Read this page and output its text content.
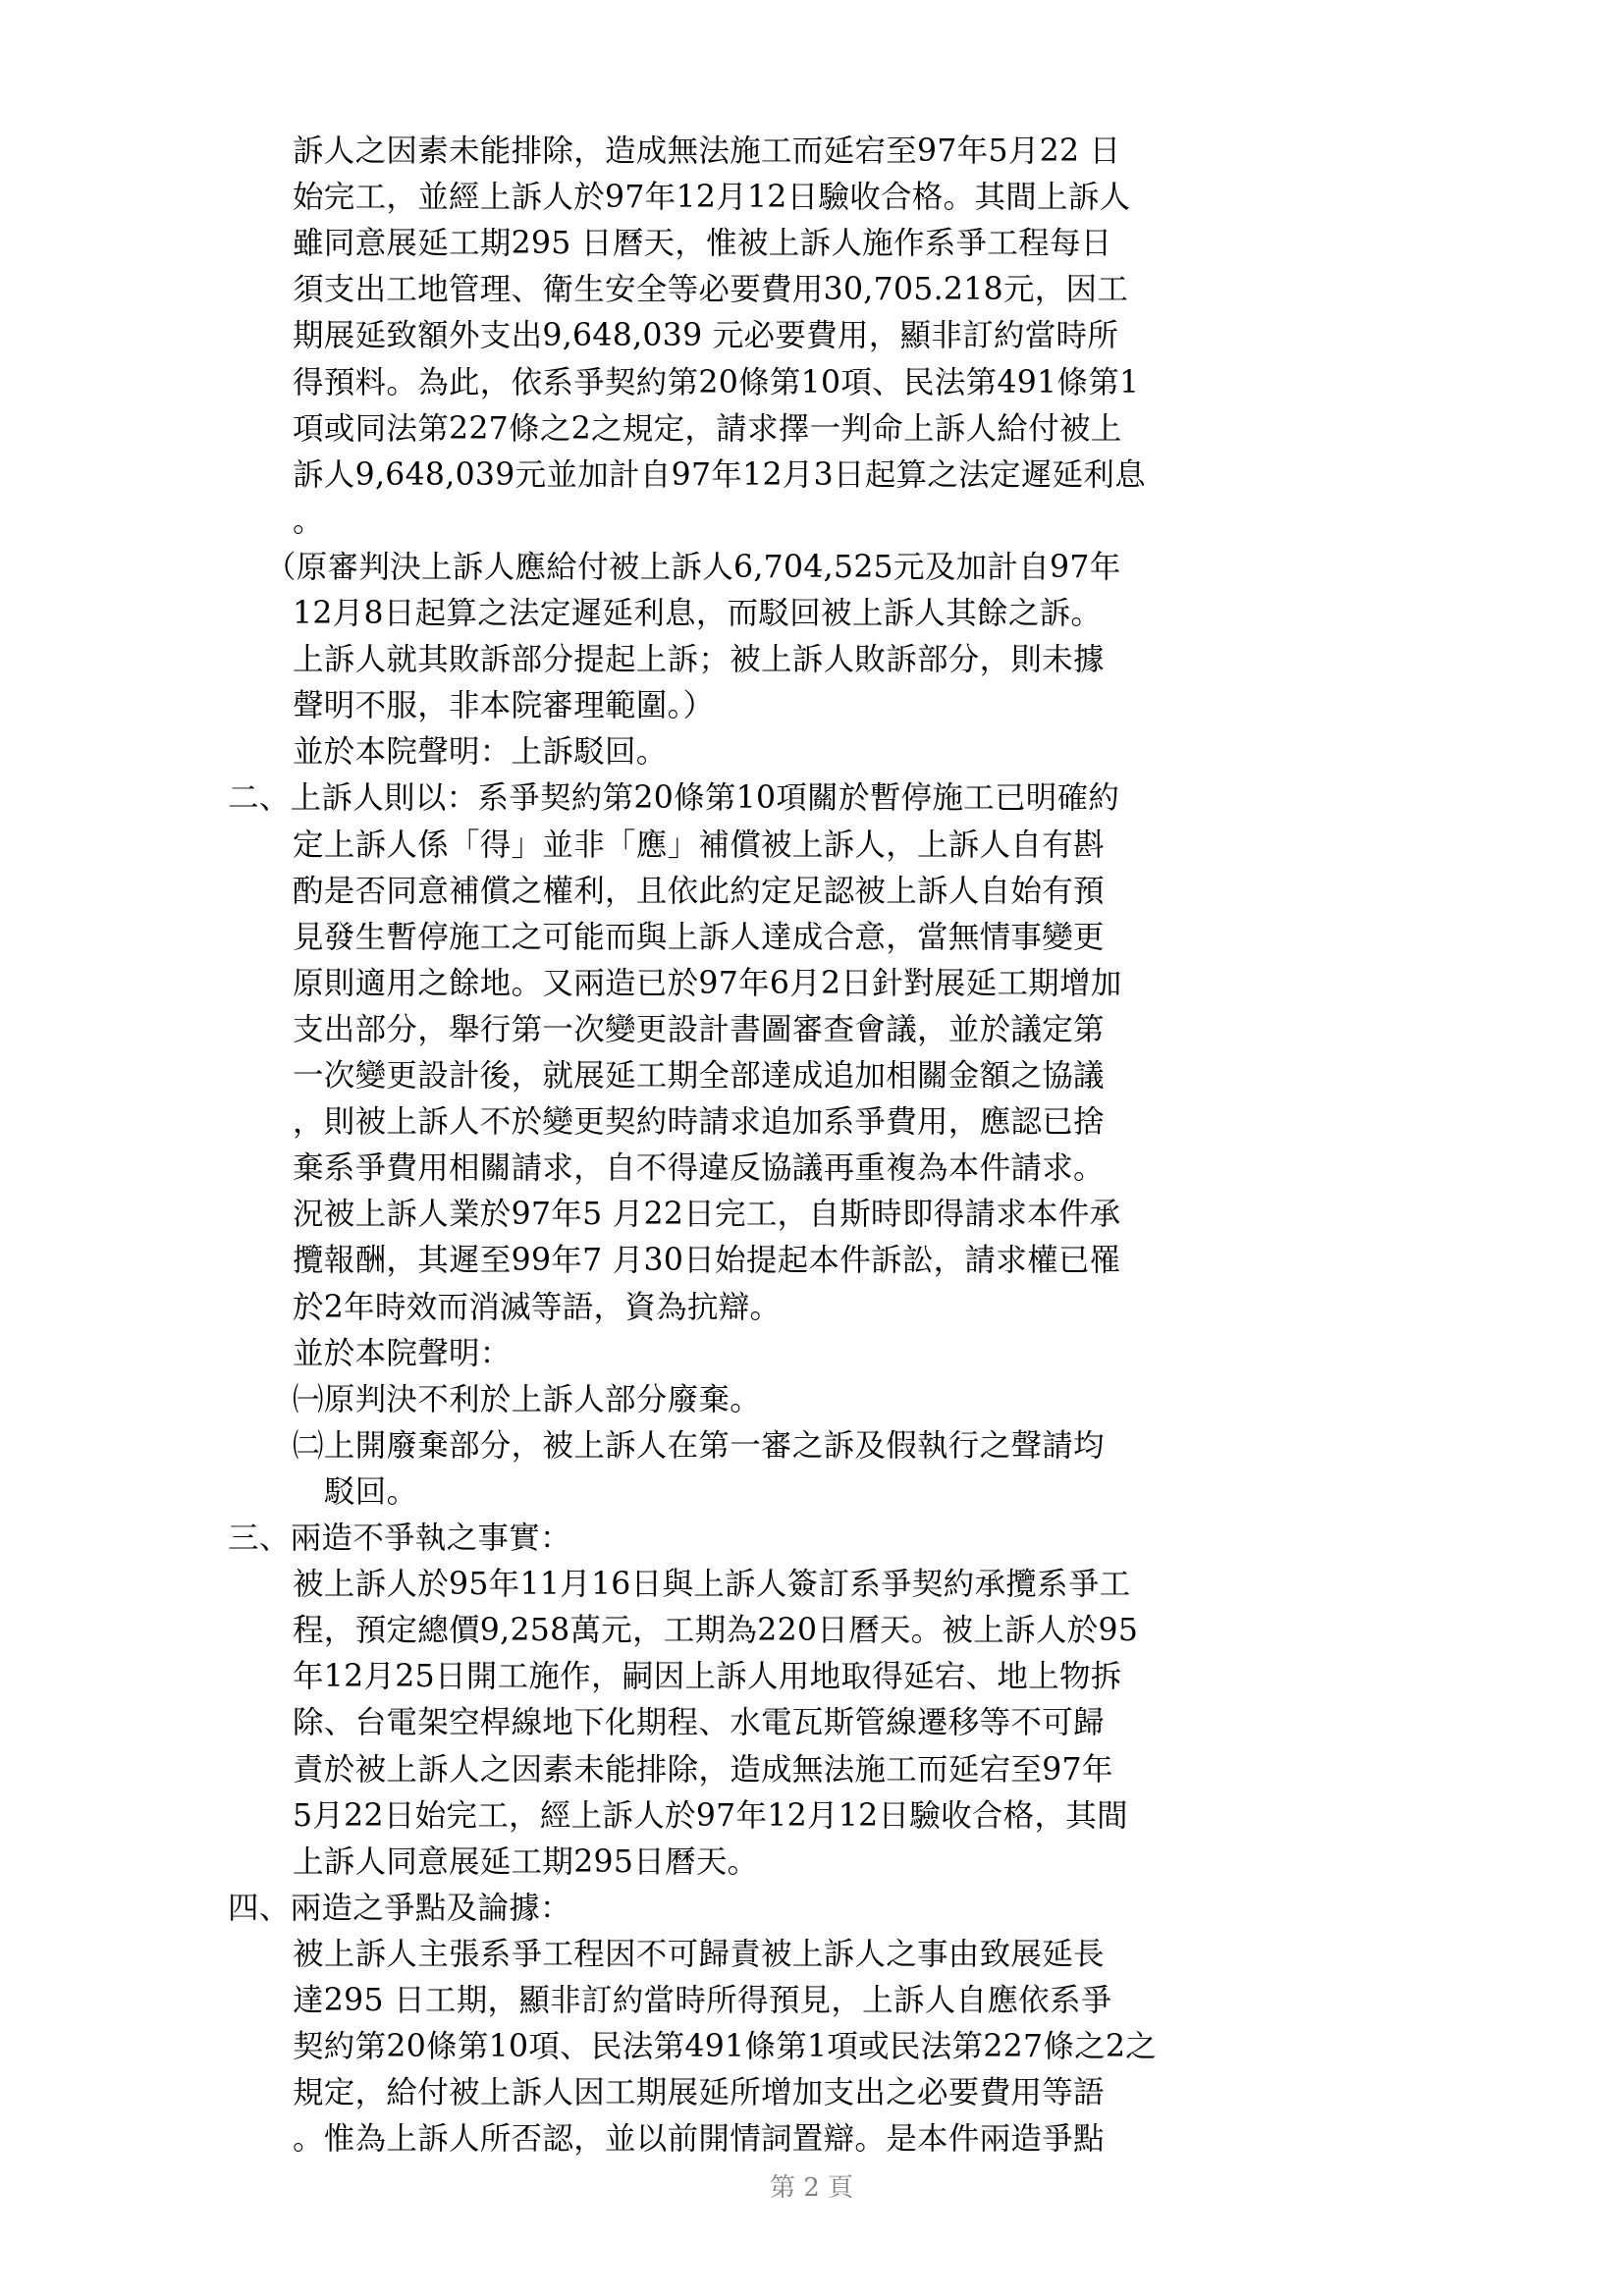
訴人之因素未能排除，造成無法施工而延宕至97年5月22 日
始完工，並經上訴人於97年12月12日驗收合格。其間上訴人
雖同意展延工期295 日曆天，惟被上訴人施作系爭工程每日
須支出工地管理、衛生安全等必要費用30,705.218元，因工
期展延致額外支出9,648,039 元必要費用，顯非訂約當時所
得預料。為此，依系爭契約第20條第10項、民法第491條第1
項或同法第227條之2之規定，請求擇一判命上訴人給付被上
訴人9,648,039元並加計自97年12月3日起算之法定遲延利息
。
（原審判決上訴人應給付被上訴人6,704,525元及加計自97年
12月8日起算之法定遲延利息，而駁回被上訴人其餘之訴。
上訴人就其敗訴部分提起上訴；被上訴人敗訴部分，則未據
聲明不服，非本院審理範圍。）
並於本院聲明：上訴駁回。
二、上訴人則以：系爭契約第20條第10項關於暫停施工已明確約
定上訴人係「得」並非「應」補償被上訴人，上訴人自有斟
酌是否同意補償之權利，且依此約定足認被上訴人自始有預
見發生暫停施工之可能而與上訴人達成合意，當無情事變更
原則適用之餘地。又兩造已於97年6月2日針對展延工期增加
支出部分，舉行第一次變更設計書圖審查會議，並於議定第
一次變更設計後，就展延工期全部達成追加相關金額之協議
，則被上訴人不於變更契約時請求追加系爭費用，應認已捨
棄系爭費用相關請求，自不得違反協議再重複為本件請求。
況被上訴人業於97年5 月22日完工，自斯時即得請求本件承
攬報酬，其遲至99年7 月30日始提起本件訴訟，請求權已罹
於2年時效而消滅等語，資為抗辯。
並於本院聲明：
㈠原判決不利於上訴人部分廢棄。
㈡上開廢棄部分，被上訴人在第一審之訴及假執行之聲請均
駁回。
三、兩造不爭執之事實：
被上訴人於95年11月16日與上訴人簽訂系爭契約承攬系爭工
程，預定總價9,258萬元，工期為220日曆天。被上訴人於95
年12月25日開工施作，嗣因上訴人用地取得延宕、地上物拆
除、台電架空桿線地下化期程、水電瓦斯管線遷移等不可歸
責於被上訴人之因素未能排除，造成無法施工而延宕至97年
5月22日始完工，經上訴人於97年12月12日驗收合格，其間
上訴人同意展延工期295日曆天。
四、兩造之爭點及論據：
被上訴人主張系爭工程因不可歸責被上訴人之事由致展延長
達295 日工期，顯非訂約當時所得預見，上訴人自應依系爭
契約第20條第10項、民法第491條第1項或民法第227條之2之
規定，給付被上訴人因工期展延所增加支出之必要費用等語
。惟為上訴人所否認，並以前開情詞置辯。是本件兩造爭點
第 2 頁
